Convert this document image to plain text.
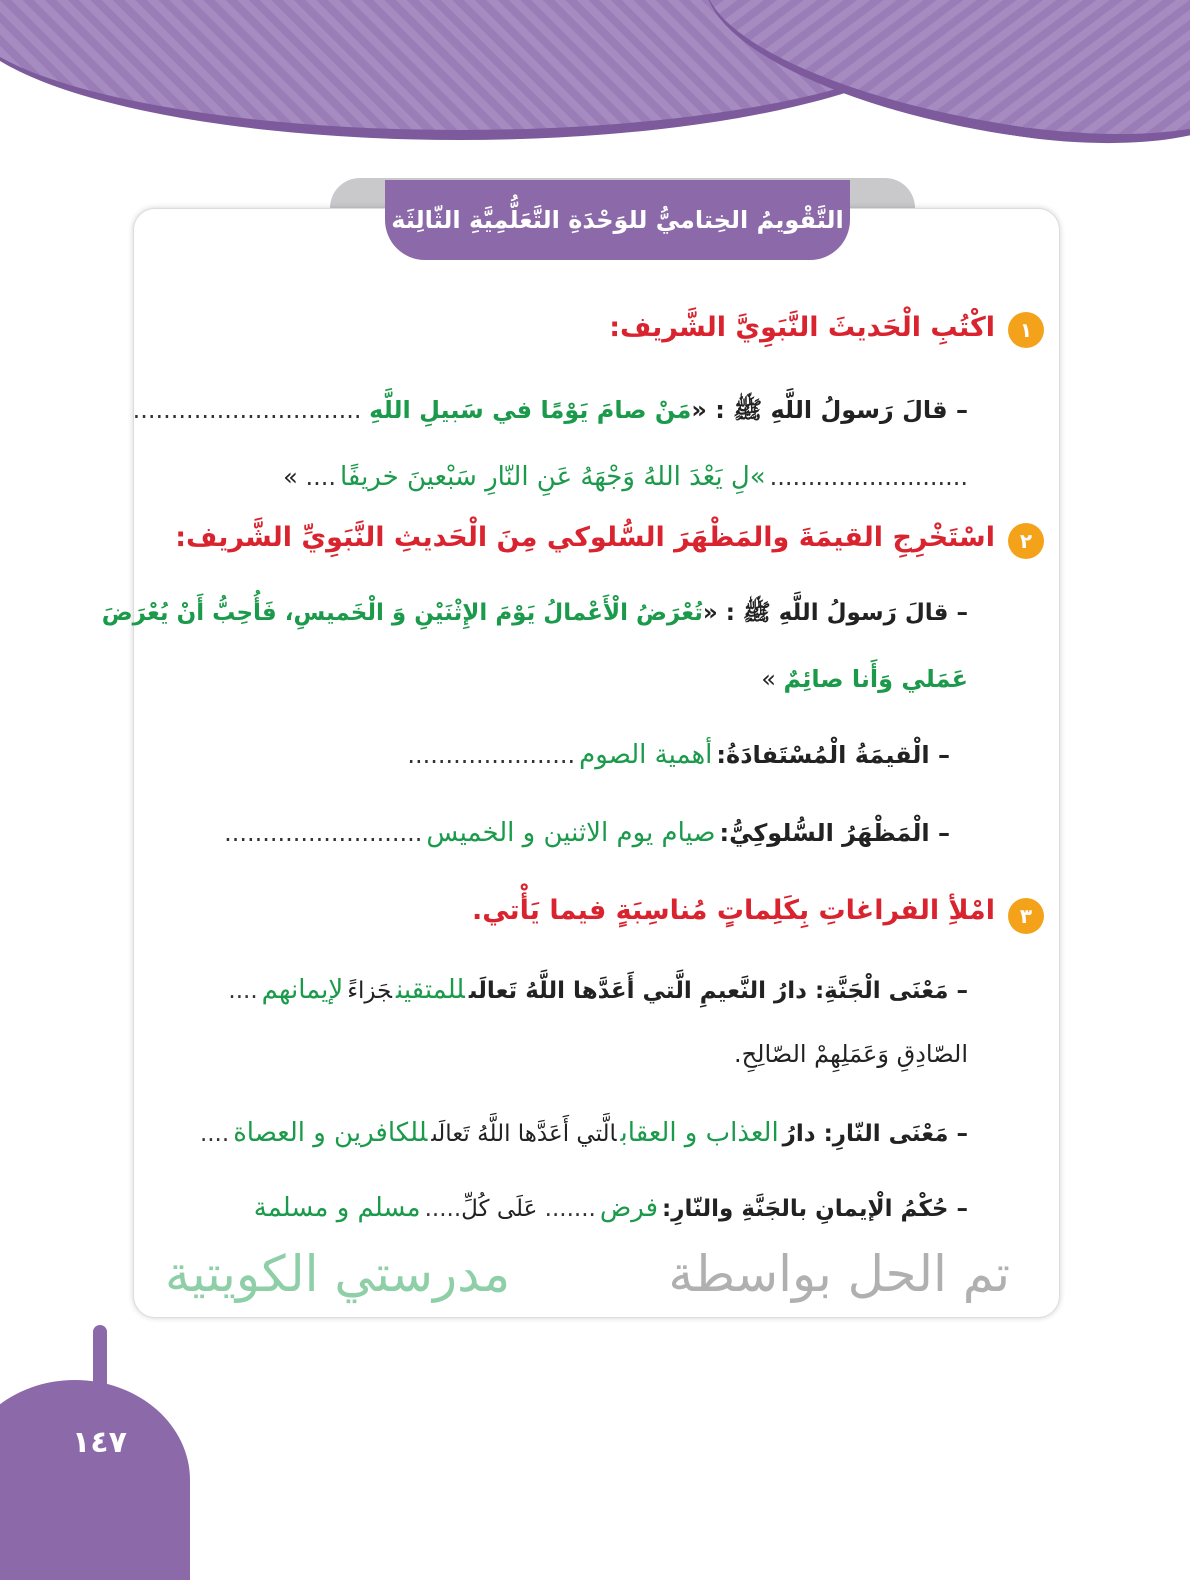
التَّقْويمُ الخِتاميُّ للوَحْدَةِ التَّعَلُّمِيَّةِ الثّالِثَة
١
اكْتُبِ الْحَديثَ النَّبَوِيَّ الشَّريف:
– قالَ رَسولُ اللَّهِ ﷺ : «مَنْ صامَ يَوْمًا في سَبيلِ اللَّهِ ..............................
..........................»لِ يَعْدَ اللهُ وَجْهَهُ عَنِ النّارِ سَبْعينَ خريفًا.... »
٢
اسْتَخْرِجِ القيمَةَ والمَظْهَرَ السُّلوكي مِنَ الْحَديثِ النَّبَوِيِّ الشَّريف:
– قالَ رَسولُ اللَّهِ ﷺ : «تُعْرَضُ الْأَعْمالُ يَوْمَ الإِثْنَيْنِ وَ الْخَميسِ، فَأُحِبُّ أَنْ يُعْرَضَ
عَمَلي وَأَنا صائِمٌ »
– الْقيمَةُ الْمُسْتَفادَةُ:أهمية الصوم......................
– الْمَظْهَرُ السُّلوكِيُّ:صيام يوم الاثنين و الخميس..........................
٣
امْلأِ الفراغاتِ بِكَلِماتٍ مُناسِبَةٍ فيما يَأْتي.
– مَعْنَى الْجَنَّةِ: دارُ النَّعيمِ الَّتي أَعَدَّها اللَّهُ تَعالَىللمتقينجَزاءًلإيمانهم....
الصّادِقِ وَعَمَلِهِمْ الصّالِحِ.
– مَعْنَى النّارِ: دارُالعذاب و العقابالَّتي أَعَدَّها اللَّهُ تَعالَىللكافرين و العصاة....
– حُكْمُ الْإيمانِ بالجَنَّةِ والنّارِ:فرض....... عَلَى كُلِّ.....مسلم و مسلمة
تم الحل بواسطة
مدرستي الكويتية
١٤٧
